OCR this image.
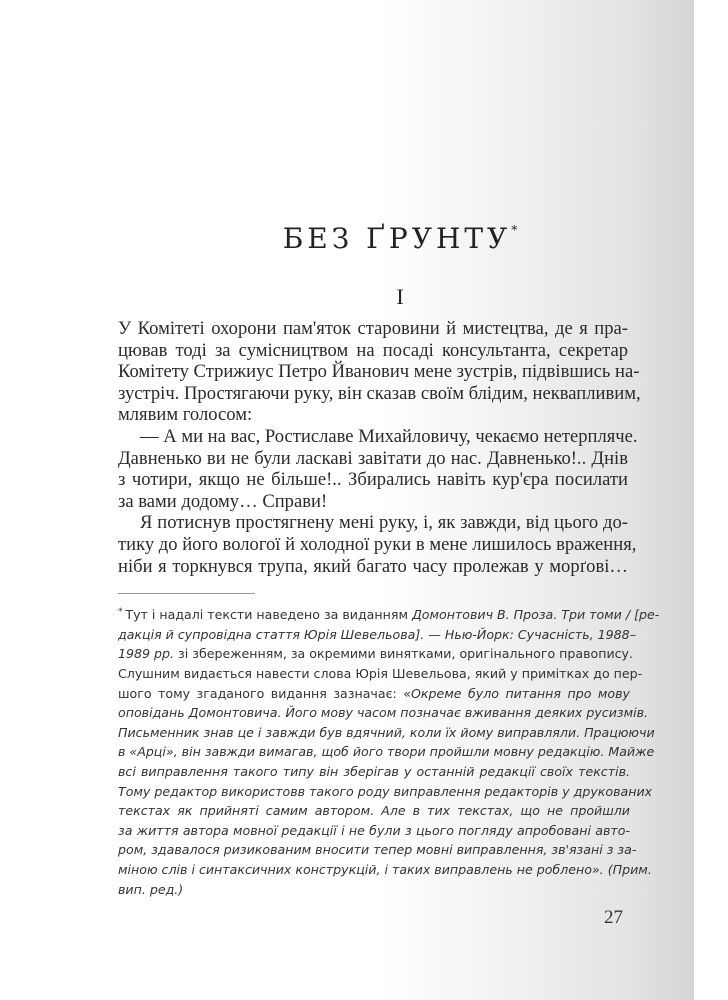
БЕЗ ҐРУНТУ*
I
У Комітеті охорони пам'яток старовини й мистецтва, де я пра-
цював тоді за сумісництвом на посаді консультанта, секретар
Комітету Стрижиус Петро Йванович мене зустрів, підвівшись на-
зустріч. Простягаючи руку, він сказав своїм блідим, неквапливим,
млявим голосом:
— А ми на вас, Ростиславе Михайловичу, чекаємо нетерпляче.
Давненько ви не були ласкаві завітати до нас. Давненько!.. Днів
з чотири, якщо не більше!.. Збирались навіть кур'єра посилати
за вами додому… Справи!
Я потиснув простягнену мені руку, і, як завжди, від цього до-
тику до його вологої й холодної руки в мене лишилось враження,
ніби я торкнувся трупа, який багато часу пролежав у морґові…
* Тут і надалі тексти наведено за виданням Домонтович В. Проза. Три томи / [ре-
дакція й супровідна стаття Юрія Шевельова]. — Нью-Йорк: Сучасність, 1988–
1989 рр. зі збереженням, за окремими винятками, оригінального правопису.
Слушним видається навести слова Юрія Шевельова, який у примітках до пер-
шого тому згаданого видання зазначає: «Окреме було питання про мову
оповідань Домонтовича. Його мову часом позначає вживання деяких русизмів.
Письменник знав це і завжди був вдячний, коли їх йому виправляли. Працюючи
в «Арці», він завжди вимагав, щоб його твори пройшли мовну редакцію. Майже
всі виправлення такого типу він зберігав у останній редакції своїх текстів.
Тому редактор використовв такого роду виправлення редакторів у друкованих
текстах як прийняті самим автором. Але в тих текстах, що не пройшли
за життя автора мовної редакції і не були з цього погляду апробовані авто-
ром, здавалося ризикованим вносити тепер мовні виправлення, зв'язані з за-
міною слів і синтаксичних конструкцій, і таких виправлень не роблено». (Прим.
вип. ред.)
27
